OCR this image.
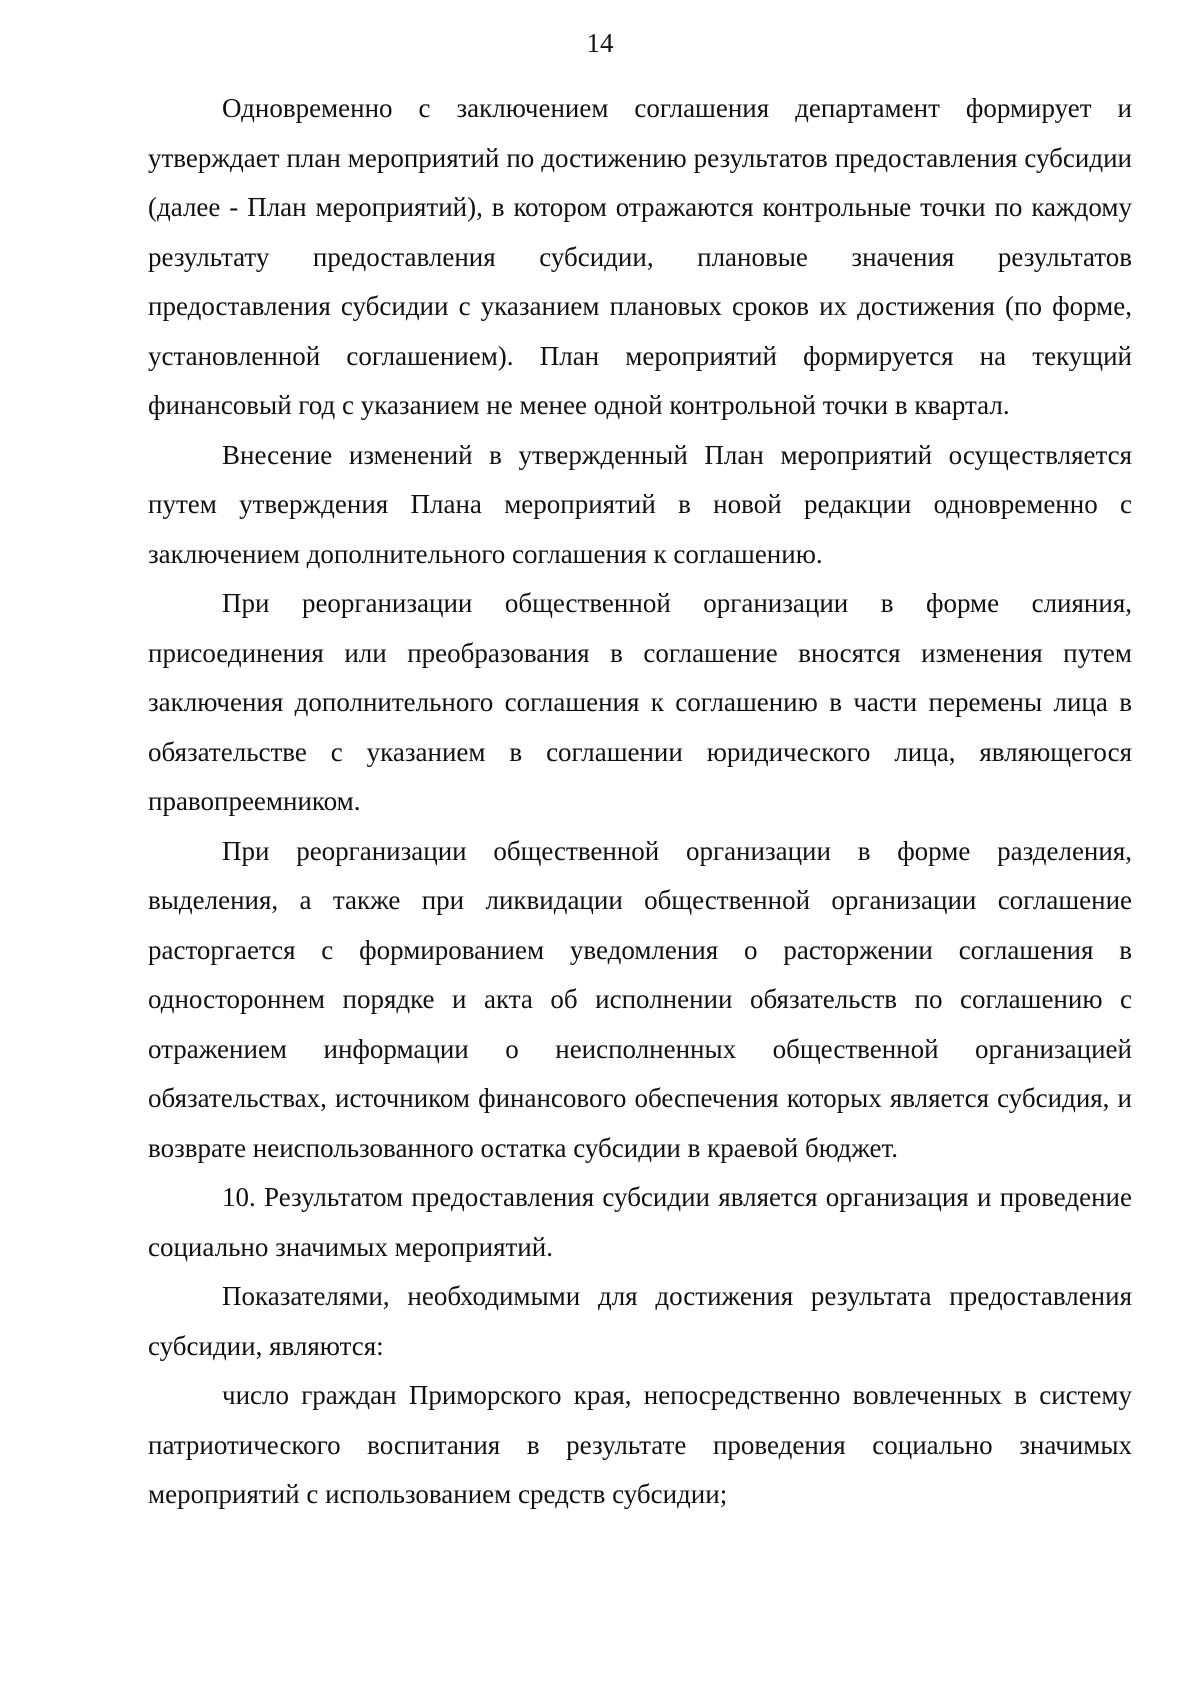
14

Одновременно с заключением соглашения департамент формирует и утверждает план мероприятий по достижению результатов предоставления субсидии (далее - План мероприятий), в котором отражаются контрольные точки по каждому результату предоставления субсидии, плановые значения результатов предоставления субсидии с указанием плановых сроков их достижения (по форме, установленной соглашением). План мероприятий формируется на текущий финансовый год с указанием не менее одной контрольной точки в квартал.

Внесение изменений в утвержденный План мероприятий осуществляется путем утверждения Плана мероприятий в новой редакции одновременно с заключением дополнительного соглашения к соглашению.

При реорганизации общественной организации в форме слияния, присоединения или преобразования в соглашение вносятся изменения путем заключения дополнительного соглашения к соглашению в части перемены лица в обязательстве с указанием в соглашении юридического лица, являющегося правопреемником.

При реорганизации общественной организации в форме разделения, выделения, а также при ликвидации общественной организации соглашение расторгается с формированием уведомления о расторжении соглашения в одностороннем порядке и акта об исполнении обязательств по соглашению с отражением информации о неисполненных общественной организацией обязательствах, источником финансового обеспечения которых является субсидия, и возврате неиспользованного остатка субсидии в краевой бюджет.

10. Результатом предоставления субсидии является организация и проведение социально значимых мероприятий.

Показателями, необходимыми для достижения результата предоставления субсидии, являются:

число граждан Приморского края, непосредственно вовлеченных в систему патриотического воспитания в результате проведения социально значимых мероприятий с использованием средств субсидии;
